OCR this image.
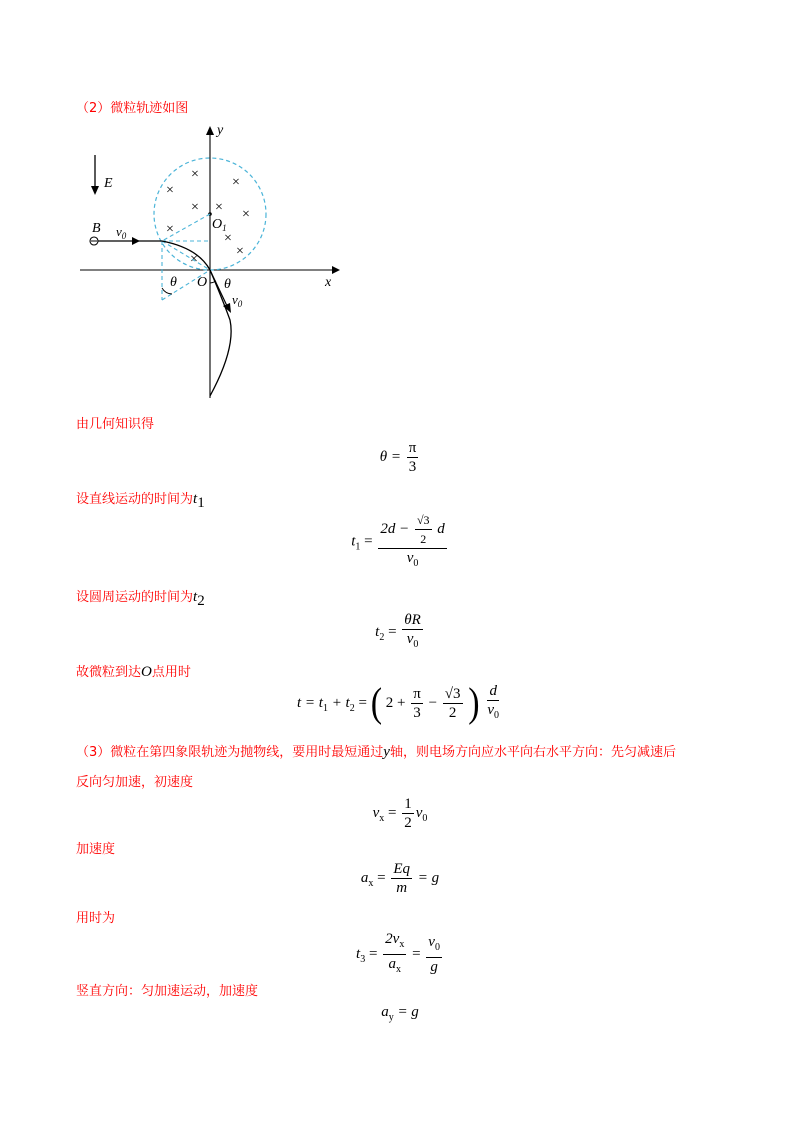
（2）微粒轨迹如图
E
x
y
×
×
×
× × ×
×
×
×
×
$O_1$
θ
B $v_0$
$v_0$
θ
O
由几何知识得
$\theta = \frac{\pi}{3}$
设直线运动的时间为$t_1$
$t_1 = \frac{2d - \frac{√3}{2} d}{v_0}$
设圆周运动的时间为$t_2$
$t_2 = \frac{\theta R}{v_0}$
故微粒到达O点用时
$t = t_1 + t_2$ = ( $2 + \frac{\pi}{3} - \frac{√3}{2}$ ) $\frac{d}{v_0}$
（3）微粒在第四象限轨迹为抛物线，要用时最短通过y轴，则电场方向应水平向右水平方向：先匀减速后
反向匀加速，初速度
$v_x = \frac{1}{2} v_0$
加速度
$a_x = \frac{Eq}{m} = g$
用时为
$t_3 = \frac{2v_x}{a_x} = \frac{v_0}{g}$
竖直方向：匀加速运动，加速度
$a_y = g$
